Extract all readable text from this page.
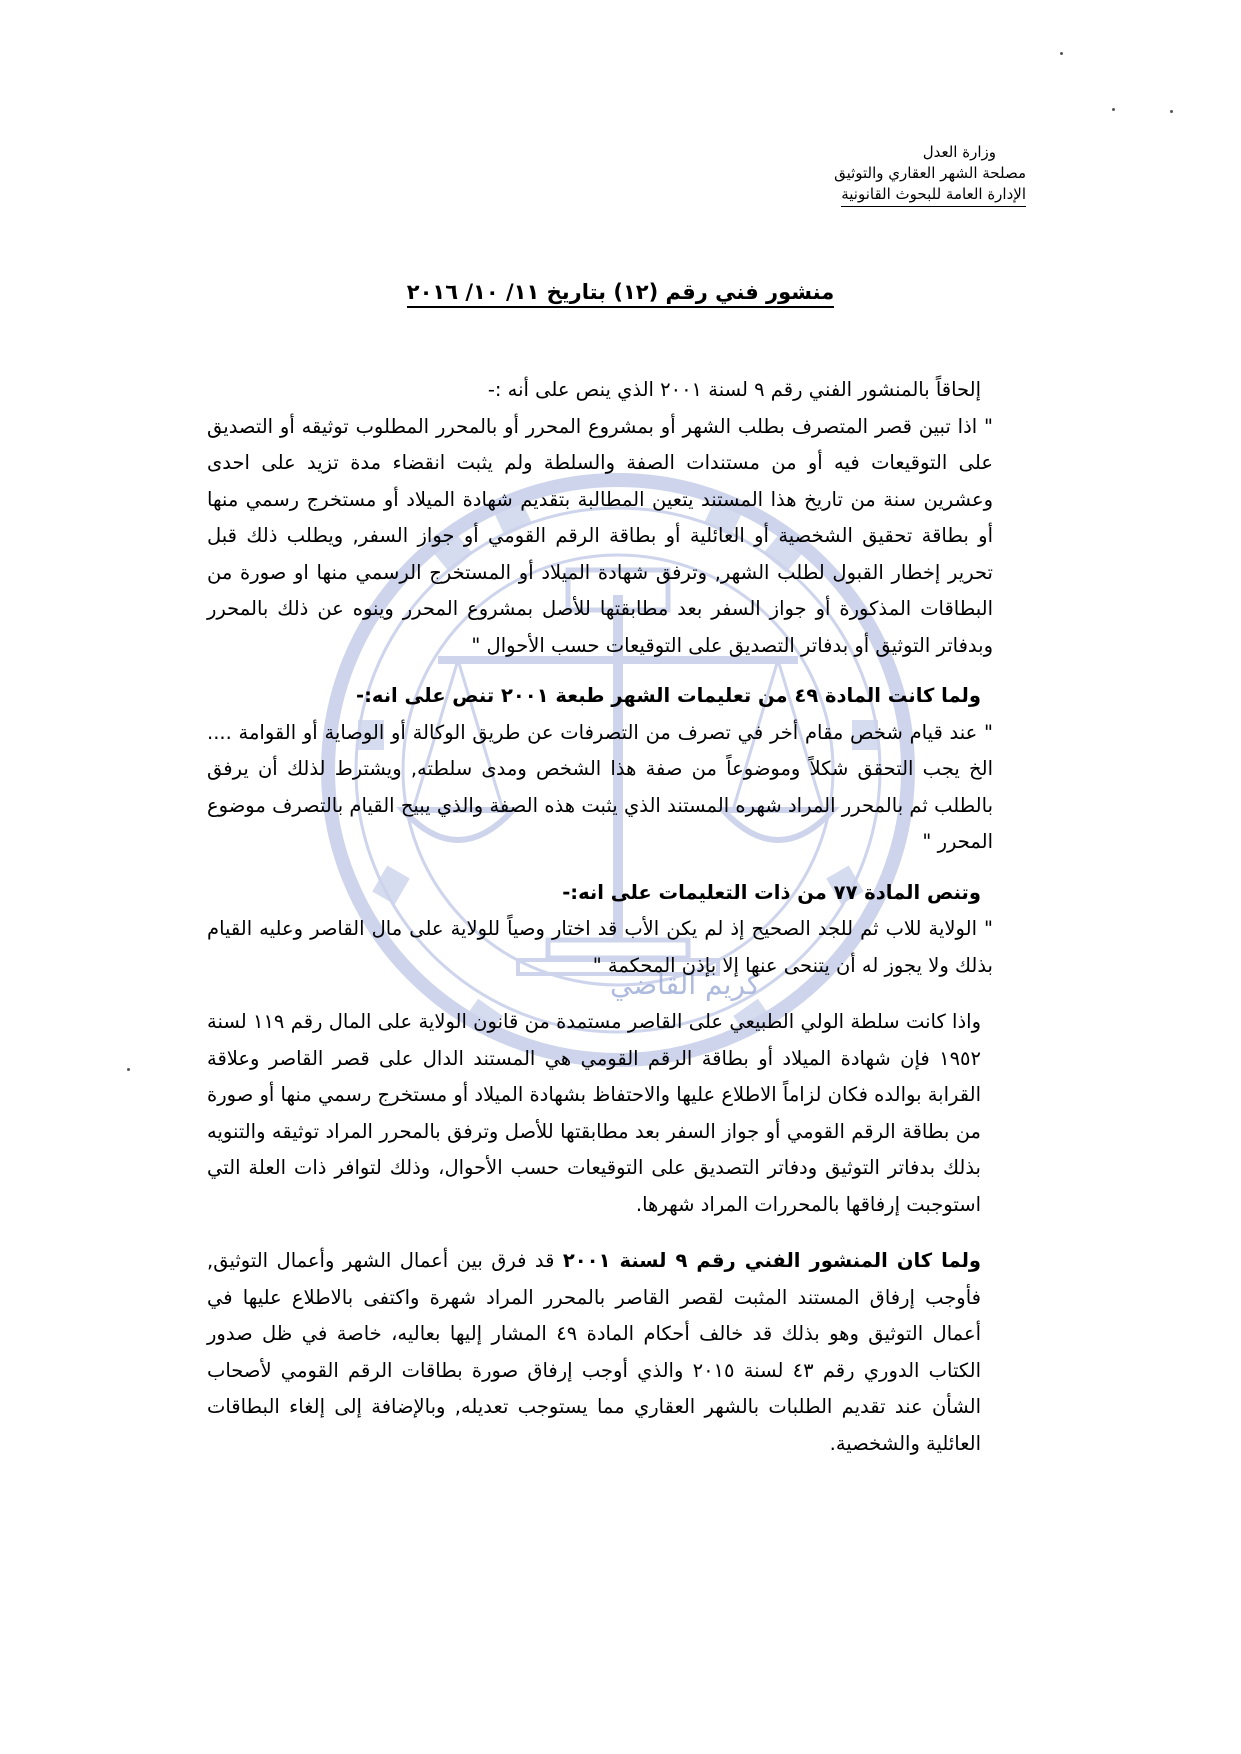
كريم القاضي
وزارة العدل
مصلحة الشهر العقاري والتوثيق
الإدارة العامة للبحوث القانونية
منشور فني رقم (١٢) بتاريخ ١١/ ١٠/ ٢٠١٦

إلحاقاً بالمنشور الفني رقم ٩ لسنة ٢٠٠١ الذي ينص على أنه :-

" اذا تبين قصر المتصرف بطلب الشهر أو بمشروع المحرر أو بالمحرر المطلوب توثيقه أو التصديق على التوقيعات فيه أو من مستندات الصفة والسلطة ولم يثبت انقضاء مدة تزيد على احدى وعشرين سنة من تاريخ هذا المستند يتعين المطالبة بتقديم شهادة الميلاد أو مستخرج رسمي منها أو بطاقة تحقيق الشخصية أو العائلية أو بطاقة الرقم القومي أو جواز السفر, ويطلب ذلك قبل تحرير إخطار القبول لطلب الشهر, وترفق شهادة الميلاد أو المستخرج الرسمي منها او صورة من البطاقات المذكورة أو جواز السفر بعد مطابقتها للأصل بمشروع المحرر وينوه عن ذلك بالمحرر وبدفاتر التوثيق أو بدفاتر التصديق على التوقيعات حسب الأحوال "

ولما كانت المادة ٤٩ من تعليمات الشهر طبعة ٢٠٠١ تنص على انه:-

" عند قيام شخص مقام أخر في تصرف من التصرفات عن طريق الوكالة أو الوصاية أو القوامة .... الخ يجب التحقق شكلاً وموضوعاً من صفة هذا الشخص ومدى سلطته, ويشترط لذلك أن يرفق بالطلب ثم بالمحرر المراد شهره المستند الذي يثبت هذه الصفة والذي يبيح القيام بالتصرف موضوع المحرر "

وتنص المادة ٧٧ من ذات التعليمات على انه:-

" الولاية للاب ثم للجد الصحيح إذ لم يكن الأب قد اختار وصياً للولاية على مال القاصر وعليه القيام بذلك ولا يجوز له أن يتنحى عنها إلا بإذن المحكمة "

واذا كانت سلطة الولي الطبيعي على القاصر مستمدة من قانون الولاية على المال رقم ١١٩ لسنة ١٩٥٢ فإن شهادة الميلاد أو بطاقة الرقم القومي هي المستند الدال على قصر القاصر وعلاقة القرابة بوالده فكان لزاماً الاطلاع عليها والاحتفاظ بشهادة الميلاد أو مستخرج رسمي منها أو صورة من بطاقة الرقم القومي أو جواز السفر بعد مطابقتها للأصل وترفق بالمحرر المراد توثيقه والتنويه بذلك بدفاتر التوثيق ودفاتر التصديق على التوقيعات حسب الأحوال، وذلك لتوافر ذات العلة التي استوجبت إرفاقها بالمحررات المراد شهرها.

ولما كان المنشور الفني رقم ٩ لسنة ٢٠٠١ قد فرق بين أعمال الشهر وأعمال التوثيق, فأوجب إرفاق المستند المثبت لقصر القاصر بالمحرر المراد شهرة واكتفى بالاطلاع عليها في أعمال التوثيق وهو بذلك قد خالف أحكام المادة ٤٩ المشار إليها بعاليه، خاصة في ظل صدور الكتاب الدوري رقم ٤٣ لسنة ٢٠١٥ والذي أوجب إرفاق صورة بطاقات الرقم القومي لأصحاب الشأن عند تقديم الطلبات بالشهر العقاري مما يستوجب تعديله, وبالإضافة إلى إلغاء البطاقات العائلية والشخصية.
